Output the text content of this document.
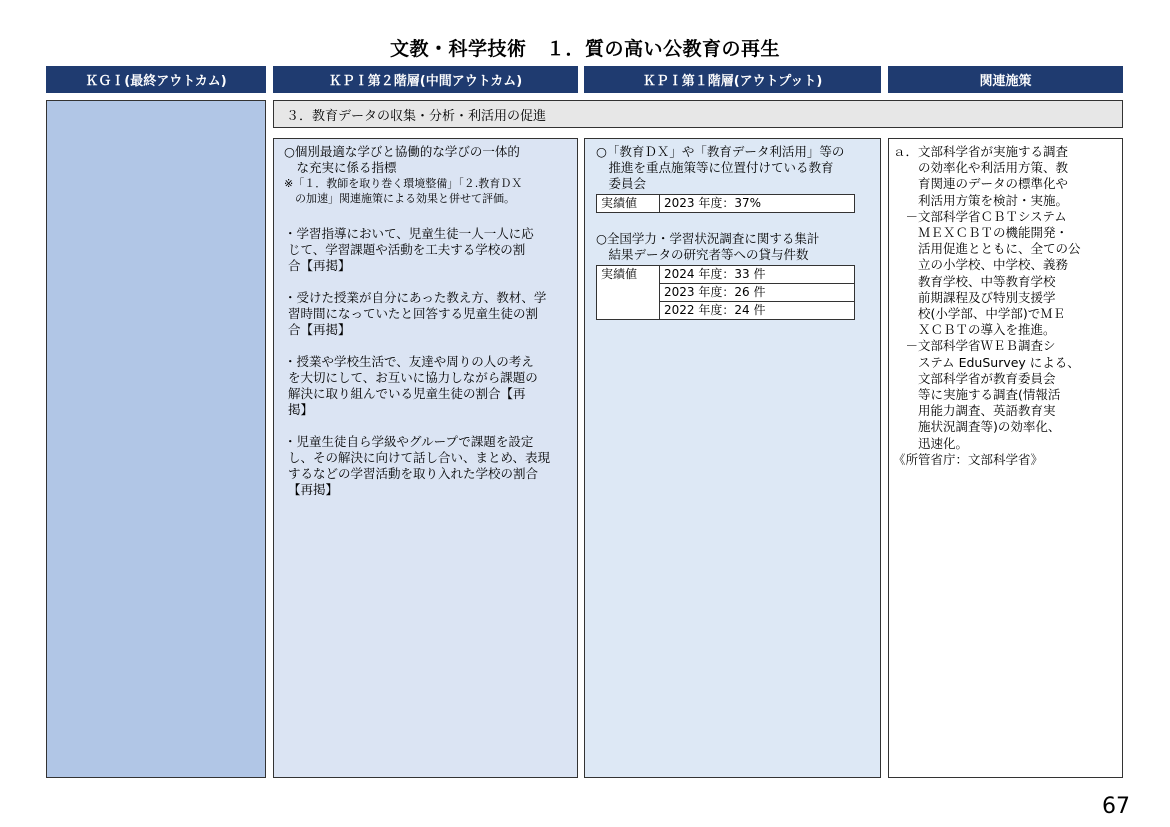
文教・科学技術　１．質の高い公教育の再生
ＫＧＩ(最終アウトカム)	ＫＰＩ第２階層(中間アウトカム)	ＫＰＩ第１階層(アウトプット)	関連施策
３．教育データの収集・分析・利活用の促進
○個別最適な学びと協働的な学びの一体的
　な充実に係る指標
※「１．教師を取り巻く環境整備」「２.教育ＤＸ
　の加速」関連施策による効果と併せて評価。
・学習指導において、児童生徒一人一人に応
じて、学習課題や活動を工夫する学校の割
合【再掲】
・受けた授業が自分にあった教え方、教材、学
習時間になっていたと回答する児童生徒の割
合【再掲】
・授業や学校生活で、友達や周りの人の考え
を大切にして、お互いに協力しながら課題の
解決に取り組んでいる児童生徒の割合【再
掲】
・児童生徒自ら学級やグループで課題を設定
し、その解決に向けて話し合い、まとめ、表現
するなどの学習活動を取り入れた学校の割合
【再掲】
○「教育ＤＸ」や「教育データ利活用」等の
　推進を重点施策等に位置付けている教育
　委員会
実績値	2023 年度：37%
○全国学力・学習状況調査に関する集計
　結果データの研究者等への貸与件数
実績値	2024 年度：33 件
2023 年度：26 件
2022 年度：24 件
ａ．文部科学省が実施する調査
　　の効率化や利活用方策、教
　　育関連のデータの標準化や
　　利活用方策を検討・実施。
　－文部科学省ＣＢＴシステム
　　ＭＥＸＣＢＴの機能開発・
　　活用促進とともに、全ての公
　　立の小学校、中学校、義務
　　教育学校、中等教育学校
　　前期課程及び特別支援学
　　校(小学部、中学部)でＭＥ
　　ＸＣＢＴの導入を推進。
　－文部科学省ＷＥＢ調査シ
　　ステム EduSurvey による、
　　文部科学省が教育委員会
　　等に実施する調査(情報活
　　用能力調査、英語教育実
　　施状況調査等)の効率化、
　　迅速化。
《所管省庁：文部科学省》
67
